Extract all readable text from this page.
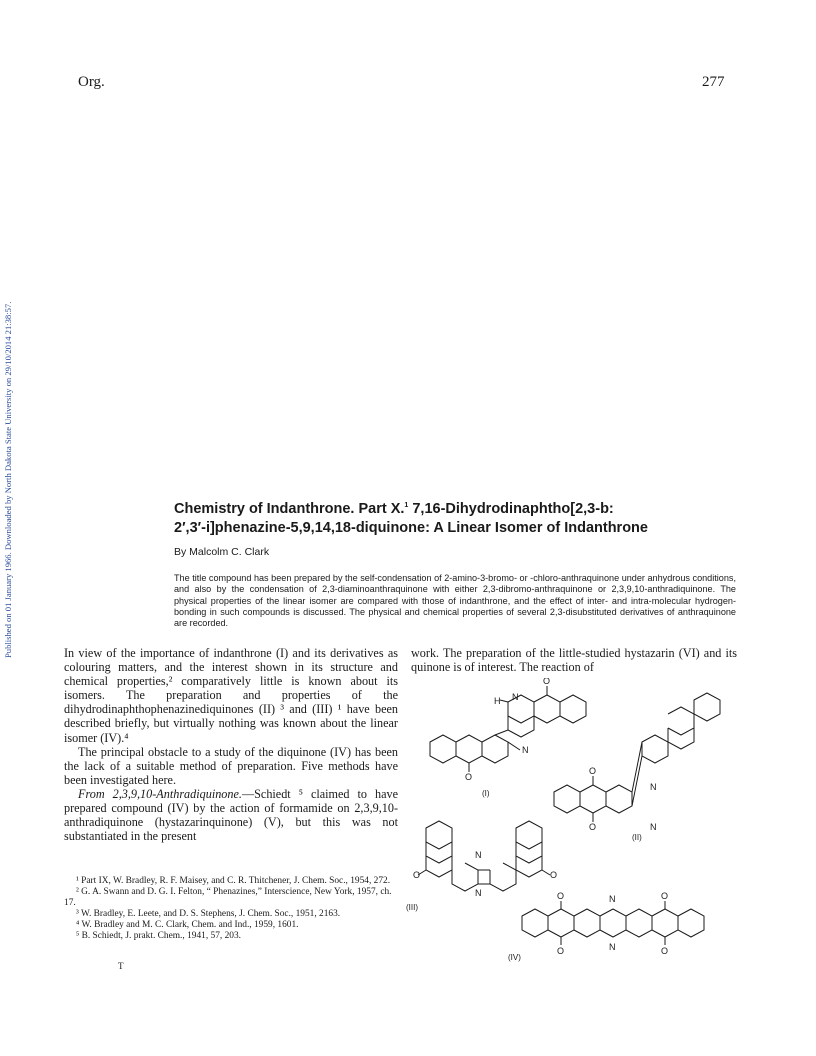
Org.	277
Published on 01 January 1966. Downloaded by North Dakota State University on 29/10/2014 21:38:57.	Chemistry of Indanthrone. Part X.$^1$ 7,16-Dihydrodinaphtho[2,3-b:
2′,3′-i]phenazine-5,9,14,18-diquinone: A Linear Isomer of Indanthrone
By Malcolm C. Clark
The title compound has been prepared by the self-condensation of 2-amino-3-bromo- or -chloro-anthraquinone under anhydrous conditions, and also by the condensation of 2,3-diaminoanthraquinone with either 2,3-dibromo-anthraquinone or 2,3,9,10-anthradiquinone. The physical properties of the linear isomer are compared with those of indanthrone, and the effect of inter- and intra-molecular hydrogen-bonding in such compounds is discussed. The physical and chemical properties of several 2,3-disubstituted derivatives of anthraquinone are recorded.

In view of the importance of indanthrone (I) and its derivatives as colouring matters, and the interest shown in its structure and chemical properties,² comparatively little is known about its isomers. The preparation and properties of the dihydrodinaphthophenazinediquinones (II) ³ and (III) ¹ have been described briefly, but virtually nothing was known about the linear isomer (IV).⁴

The principal obstacle to a study of the diquinone (IV) has been the lack of a suitable method of preparation. Five methods have been investigated here.

From 2,3,9,10-Anthradiquinone.—Schiedt ⁵ claimed to have prepared compound (IV) by the action of formamide on 2,3,9,10-anthradiquinone (hystazarinquinone) (V), but this was not substantiated in the present

work. The preparation of the little-studied hystazarin (VI) and its quinone is of interest. The reaction of

¹ Part IX, W. Bradley, R. F. Maisey, and C. R. Thitchener, J. Chem. Soc., 1954, 272.

² G. A. Swann and D. G. I. Felton, “ Phenazines,” Interscience, New York, 1957, ch. 17.

³ W. Bradley, E. Leete, and D. S. Stephens, J. Chem. Soc., 1951, 2163.

⁴ W. Bradley and M. C. Clark, Chem. and Ind., 1959, 1601.

⁵ B. Schiedt, J. prakt. Chem., 1941, 57, 203.

T
O
N
H
O
N
(I)
N
N
O
O
(II)
N
N
O	O
(III)
O
O
O
O
N
N
(IV)
